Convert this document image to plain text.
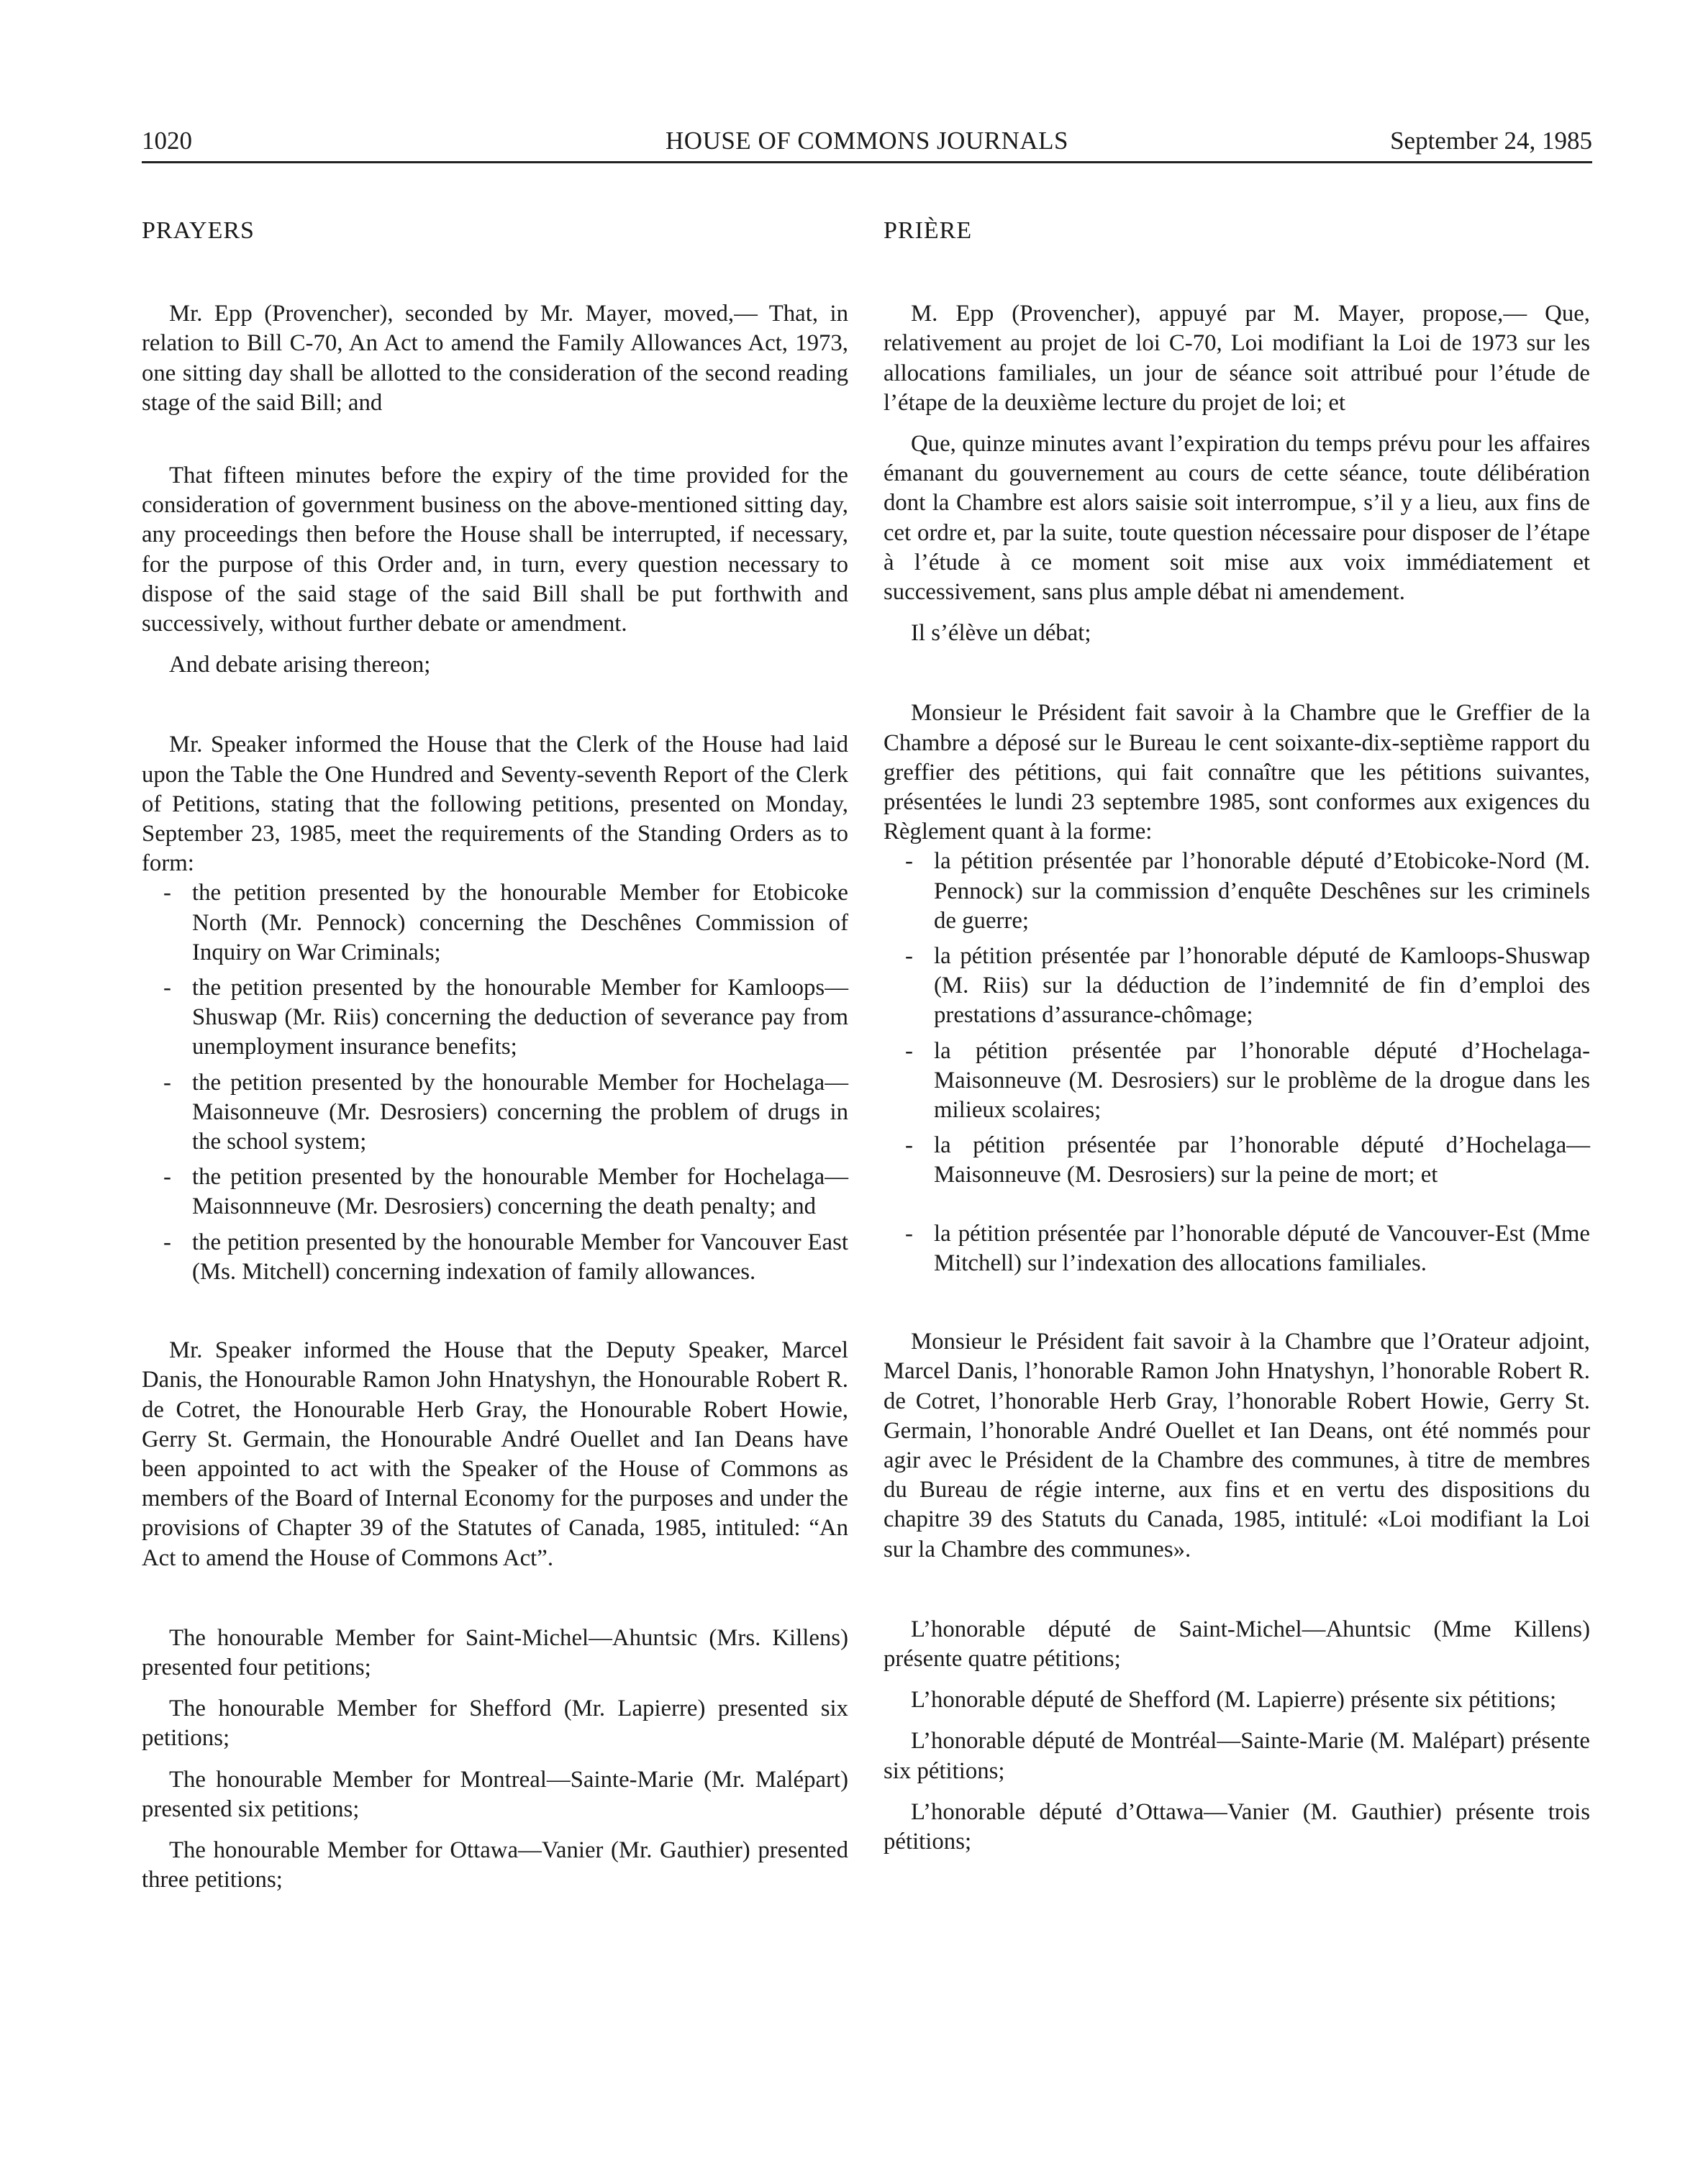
1020	HOUSE OF COMMONS JOURNALS	September 24, 1985
PRAYERS

Mr. Epp (Provencher), seconded by Mr. Mayer, moved,— That, in relation to Bill C-70, An Act to amend the Family Allowances Act, 1973, one sitting day shall be allotted to the consideration of the second reading stage of the said Bill; and

That fifteen minutes before the expiry of the time provided for the consideration of government business on the above-mentioned sitting day, any proceedings then before the House shall be interrupted, if necessary, for the purpose of this Order and, in turn, every question necessary to dispose of the said stage of the said Bill shall be put forthwith and successively, without further debate or amendment.

And debate arising thereon;

Mr. Speaker informed the House that the Clerk of the House had laid upon the Table the One Hundred and Seventy-seventh Report of the Clerk of Petitions, stating that the following petitions, presented on Monday, September 23, 1985, meet the requirements of the Standing Orders as to form:

- the petition presented by the honourable Member for Etobicoke North (Mr. Pennock) concerning the Deschênes Commission of Inquiry on War Criminals;
- the petition presented by the honourable Member for Kamloops—Shuswap (Mr. Riis) concerning the deduction of severance pay from unemployment insurance benefits;
- the petition presented by the honourable Member for Hochelaga—Maisonneuve (Mr. Desrosiers) concerning the problem of drugs in the school system;
- the petition presented by the honourable Member for Hochelaga—Maisonnneuve (Mr. Desrosiers) concerning the death penalty; and
- the petition presented by the honourable Member for Vancouver East (Ms. Mitchell) concerning indexation of family allowances.

Mr. Speaker informed the House that the Deputy Speaker, Marcel Danis, the Honourable Ramon John Hnatyshyn, the Honourable Robert R. de Cotret, the Honourable Herb Gray, the Honourable Robert Howie, Gerry St. Germain, the Honourable André Ouellet and Ian Deans have been appointed to act with the Speaker of the House of Commons as members of the Board of Internal Economy for the purposes and under the provisions of Chapter 39 of the Statutes of Canada, 1985, intituled: “An Act to amend the House of Commons Act”.

The honourable Member for Saint-Michel—Ahuntsic (Mrs. Killens) presented four petitions;

The honourable Member for Shefford (Mr. Lapierre) presented six petitions;

The honourable Member for Montreal—Sainte-Marie (Mr. Malépart) presented six petitions;

The honourable Member for Ottawa—Vanier (Mr. Gauthier) presented three petitions;

PRIÈRE

M. Epp (Provencher), appuyé par M. Mayer, propose,— Que, relativement au projet de loi C-70, Loi modifiant la Loi de 1973 sur les allocations familiales, un jour de séance soit attribué pour l’étude de l’étape de la deuxième lecture du projet de loi; et

Que, quinze minutes avant l’expiration du temps prévu pour les affaires émanant du gouvernement au cours de cette séance, toute délibération dont la Chambre est alors saisie soit interrompue, s’il y a lieu, aux fins de cet ordre et, par la suite, toute question nécessaire pour disposer de l’étape à l’étude à ce moment soit mise aux voix immédiatement et successivement, sans plus ample débat ni amendement.

Il s’élève un débat;

Monsieur le Président fait savoir à la Chambre que le Greffier de la Chambre a déposé sur le Bureau le cent soixante-dix-septième rapport du greffier des pétitions, qui fait connaître que les pétitions suivantes, présentées le lundi 23 septembre 1985, sont conformes aux exigences du Règlement quant à la forme:

- la pétition présentée par l’honorable député d’Etobicoke-Nord (M. Pennock) sur la commission d’enquête Deschênes sur les criminels de guerre;
- la pétition présentée par l’honorable député de Kamloops-Shuswap (M. Riis) sur la déduction de l’indemnité de fin d’emploi des prestations d’assurance-chômage;
- la pétition présentée par l’honorable député d’Hochelaga-Maisonneuve (M. Desrosiers) sur le problème de la drogue dans les milieux scolaires;
- la pétition présentée par l’honorable député d’Hochelaga—Maisonneuve (M. Desrosiers) sur la peine de mort; et
- la pétition présentée par l’honorable député de Vancouver-Est (Mme Mitchell) sur l’indexation des allocations familiales.

Monsieur le Président fait savoir à la Chambre que l’Orateur adjoint, Marcel Danis, l’honorable Ramon John Hnatyshyn, l’honorable Robert R. de Cotret, l’honorable Herb Gray, l’honorable Robert Howie, Gerry St. Germain, l’honorable André Ouellet et Ian Deans, ont été nommés pour agir avec le Président de la Chambre des communes, à titre de membres du Bureau de régie interne, aux fins et en vertu des dispositions du chapitre 39 des Statuts du Canada, 1985, intitulé: «Loi modifiant la Loi sur la Chambre des communes».

L’honorable député de Saint-Michel—Ahuntsic (Mme Killens) présente quatre pétitions;

L’honorable député de Shefford (M. Lapierre) présente six pétitions;

L’honorable député de Montréal—Sainte-Marie (M. Malépart) présente six pétitions;

L’honorable député d’Ottawa—Vanier (M. Gauthier) présente trois pétitions;
